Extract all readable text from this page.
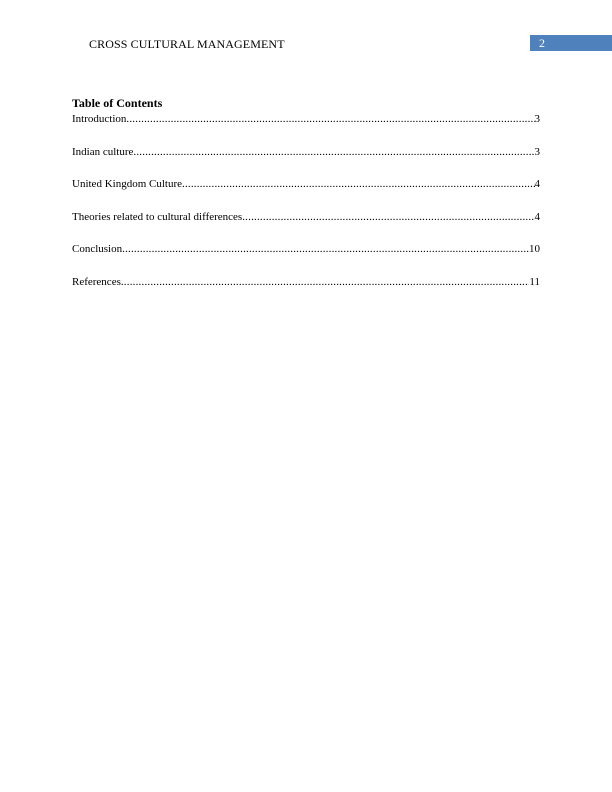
CROSS CULTURAL MANAGEMENT	2

Table of Contents

Introduction .....	3
Indian culture .....	3
United Kingdom Culture .....	4
Theories related to cultural differences .....	4
Conclusion .....	10
References .....	11
